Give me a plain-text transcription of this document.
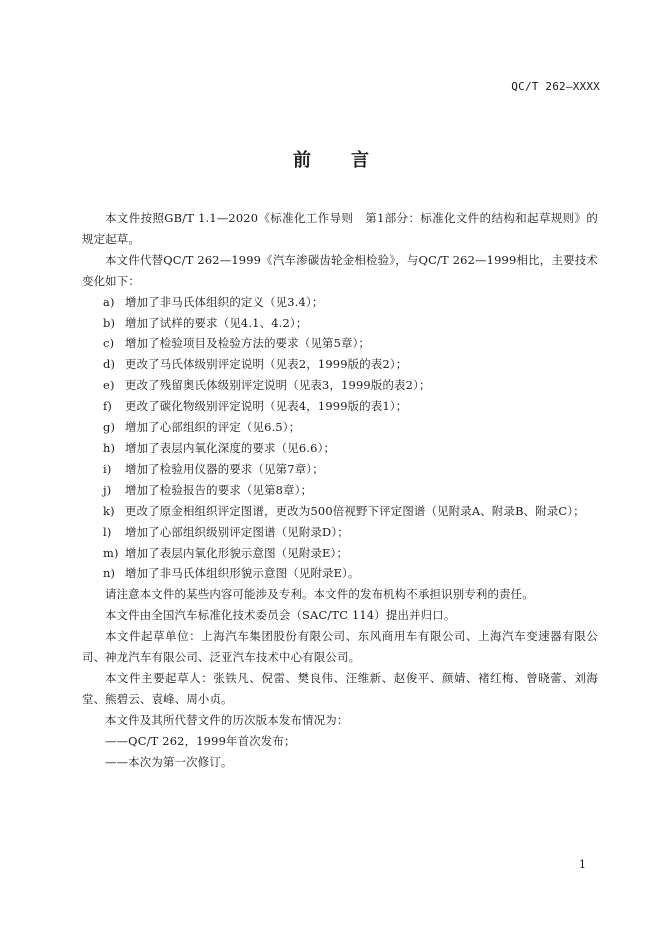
QC/T 262—XXXX
前言

本文件按照GB/T 1.1—2020《标准化工作导则　第1部分：标准化文件的结构和起草规则》的规定起草。

本文件代替QC/T 262—1999《汽车渗碳齿轮金相检验》，与QC/T 262—1999相比，主要技术变化如下：

a) 增加了非马氏体组织的定义（见3.4）；
b) 增加了试样的要求（见4.1、4.2）；
c) 增加了检验项目及检验方法的要求（见第5章）；
d) 更改了马氏体级别评定说明（见表2，1999版的表2）；
e) 更改了残留奥氏体级别评定说明（见表3，1999版的表2）；
f)	更改了碳化物级别评定说明（见表4，1999版的表1）；
g) 增加了心部组织的评定（见6.5）；
h) 增加了表层内氧化深度的要求（见6.6）；
i)	增加了检验用仪器的要求（见第7章）；
j)	增加了检验报告的要求（见第8章）；
k) 更改了原金相组织评定图谱，更改为500倍视野下评定图谱（见附录A、附录B、附录C）；
l)	增加了心部组织级别评定图谱（见附录D）；
m) 增加了表层内氧化形貌示意图（见附录E）；
n) 增加了非马氏体组织形貌示意图（见附录E）。

请注意本文件的某些内容可能涉及专利。本文件的发布机构不承担识别专利的责任。

本文件由全国汽车标准化技术委员会（SAC/TC 114）提出并归口。

本文件起草单位：上海汽车集团股份有限公司、东风商用车有限公司、上海汽车变速器有限公司、神龙汽车有限公司、泛亚汽车技术中心有限公司。

本文件主要起草人：张铁凡、倪雷、樊良伟、汪维新、赵俊平、颜婧、褚红梅、曾晓蕾、刘海堂、熊碧云、袁峰、周小贞。

本文件及其所代替文件的历次版本发布情况为：

——QC/T 262，1999年首次发布；

——本次为第一次修订。

1
